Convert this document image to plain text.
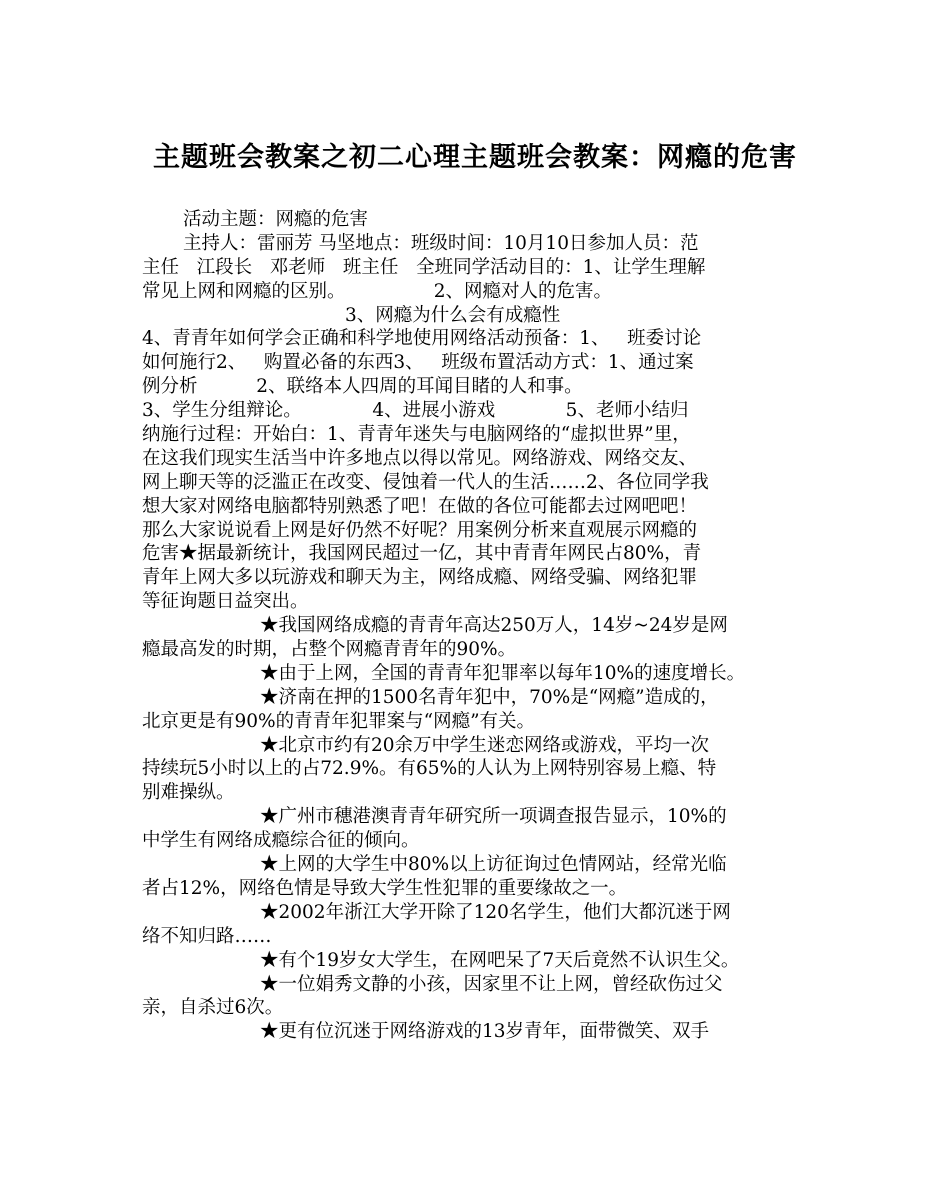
主题班会教案之初二心理主题班会教案：网瘾的危害
活动主题：网瘾的危害
主持人：雷丽芳 马坚地点：班级时间：10月10日参加人员：范
主任   江段长   邓老师   班主任   全班同学活动目的：1、让学生理解
常见上网和网瘾的区别。               2、网瘾对人的危害。
3、网瘾为什么会有成瘾性
4、青青年如何学会正确和科学地使用网络活动预备：1、   班委讨论
如何施行2、   购置必备的东西3、   班级布置活动方式：1、通过案
例分析          2、联络本人四周的耳闻目睹的人和事。
3、学生分组辩论。            4、进展小游戏            5、老师小结归
纳施行过程：开始白：1、青青年迷失与电脑网络的“虚拟世界”里，
在这我们现实生活当中许多地点以得以常见。网络游戏、网络交友、
网上聊天等的泛滥正在改变、侵蚀着一代人的生活……2、各位同学我
想大家对网络电脑都特别熟悉了吧！在做的各位可能都去过网吧吧！
那么大家说说看上网是好仍然不好呢？用案例分析来直观展示网瘾的
危害★据最新统计，我国网民超过一亿，其中青青年网民占80%，青
青年上网大多以玩游戏和聊天为主，网络成瘾、网络受骗、网络犯罪
等征询题日益突出。
★我国网络成瘾的青青年高达250万人，14岁~24岁是网
瘾最高发的时期，占整个网瘾青青年的90%。
★由于上网，全国的青青年犯罪率以每年10%的速度增长。
★济南在押的1500名青年犯中，70%是“网瘾”造成的，
北京更是有90%的青青年犯罪案与“网瘾”有关。
★北京市约有20余万中学生迷恋网络或游戏，平均一次
持续玩5小时以上的占72.9%。有65%的人认为上网特别容易上瘾、特
别难操纵。
★广州市穗港澳青青年研究所一项调查报告显示，10%的
中学生有网络成瘾综合征的倾向。
★上网的大学生中80%以上访征询过色情网站，经常光临
者占12%，网络色情是导致大学生性犯罪的重要缘故之一。
★2002年浙江大学开除了120名学生，他们大都沉迷于网
络不知归路……
★有个19岁女大学生，在网吧呆了7天后竟然不认识生父。
★一位娟秀文静的小孩，因家里不让上网，曾经砍伤过父
亲，自杀过6次。
★更有位沉迷于网络游戏的13岁青年，面带微笑、双手
